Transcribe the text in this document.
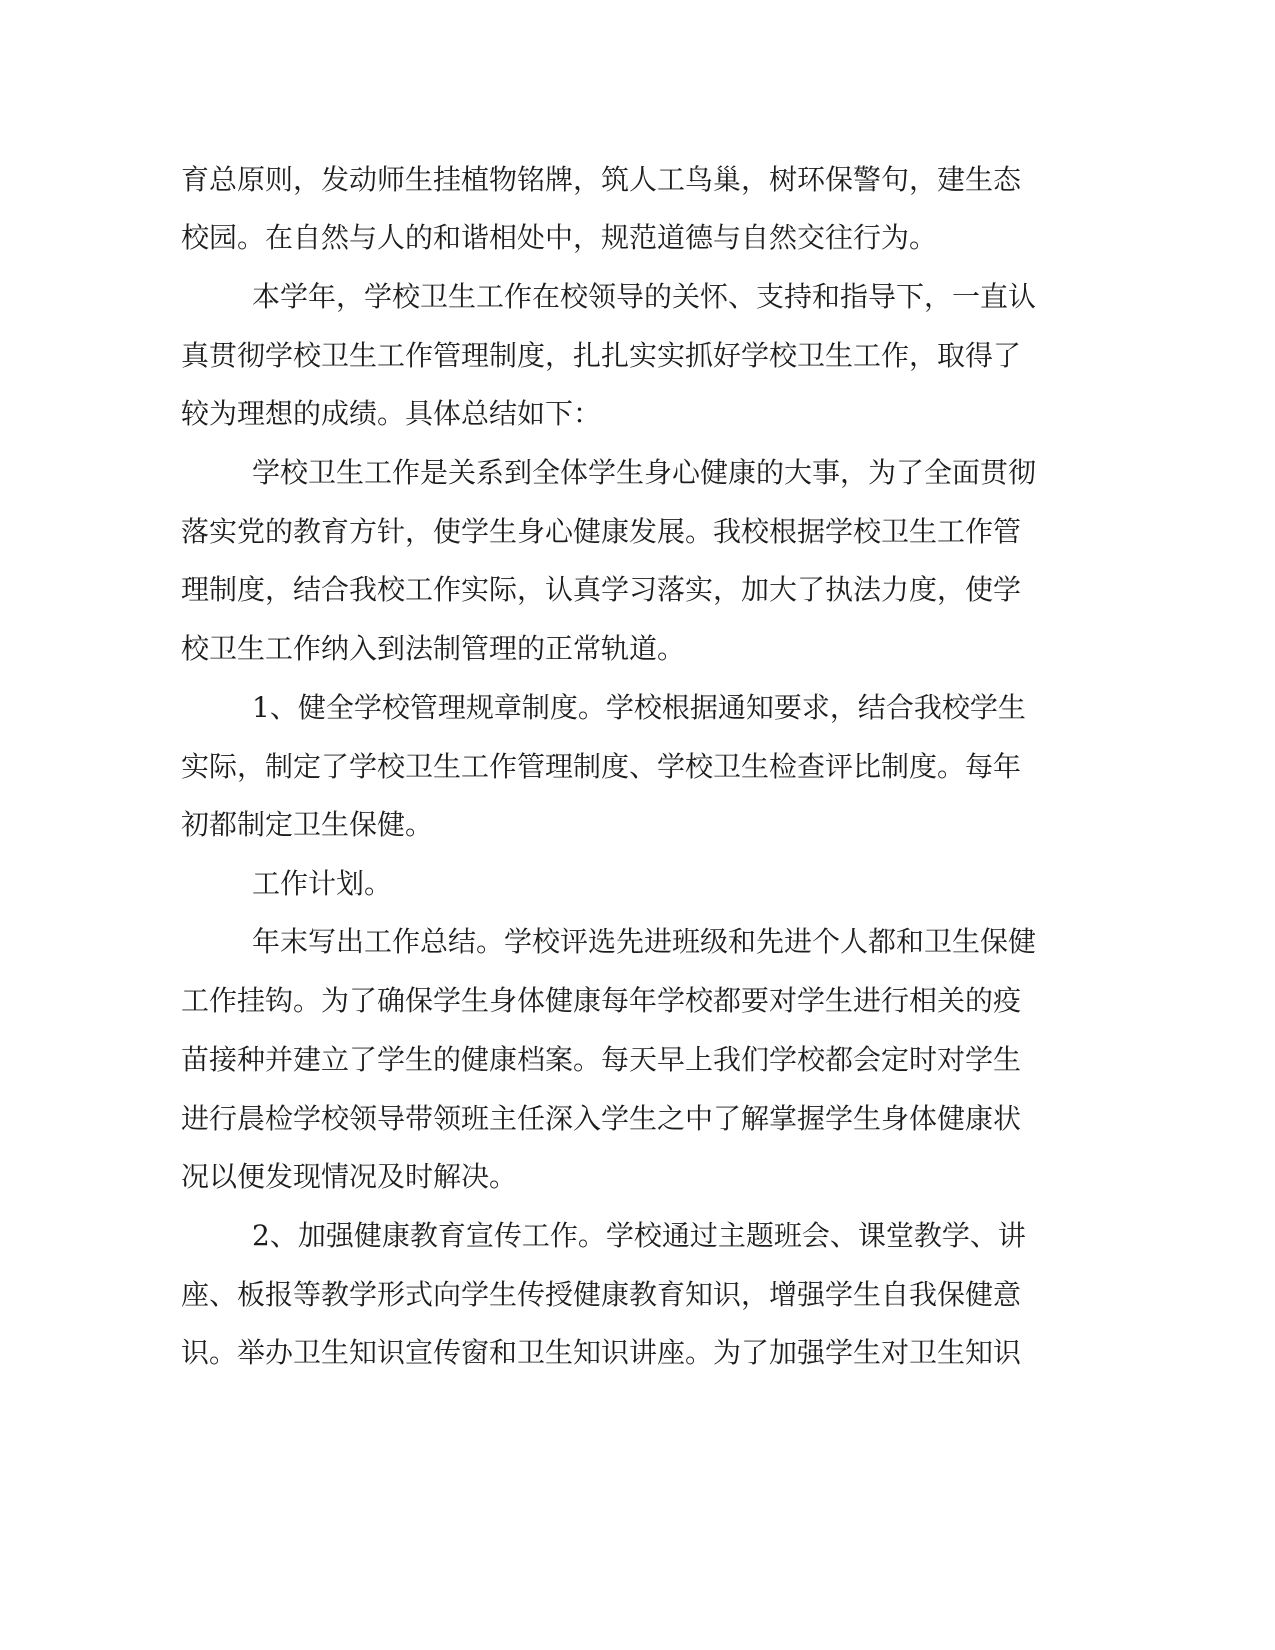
育总原则，发动师生挂植物铭牌，筑人工鸟巢，树环保警句，建生态
校园。在自然与人的和谐相处中，规范道德与自然交往行为。
本学年，学校卫生工作在校领导的关怀、支持和指导下，一直认
真贯彻学校卫生工作管理制度，扎扎实实抓好学校卫生工作，取得了
较为理想的成绩。具体总结如下：
学校卫生工作是关系到全体学生身心健康的大事，为了全面贯彻
落实党的教育方针，使学生身心健康发展。我校根据学校卫生工作管
理制度，结合我校工作实际，认真学习落实，加大了执法力度，使学
校卫生工作纳入到法制管理的正常轨道。
1、健全学校管理规章制度。学校根据通知要求，结合我校学生
实际，制定了学校卫生工作管理制度、学校卫生检查评比制度。每年
初都制定卫生保健。
工作计划。
年末写出工作总结。学校评选先进班级和先进个人都和卫生保健
工作挂钩。为了确保学生身体健康每年学校都要对学生进行相关的疫
苗接种并建立了学生的健康档案。每天早上我们学校都会定时对学生
进行晨检学校领导带领班主任深入学生之中了解掌握学生身体健康状
况以便发现情况及时解决。
2、加强健康教育宣传工作。学校通过主题班会、课堂教学、讲
座、板报等教学形式向学生传授健康教育知识，增强学生自我保健意
识。举办卫生知识宣传窗和卫生知识讲座。为了加强学生对卫生知识
